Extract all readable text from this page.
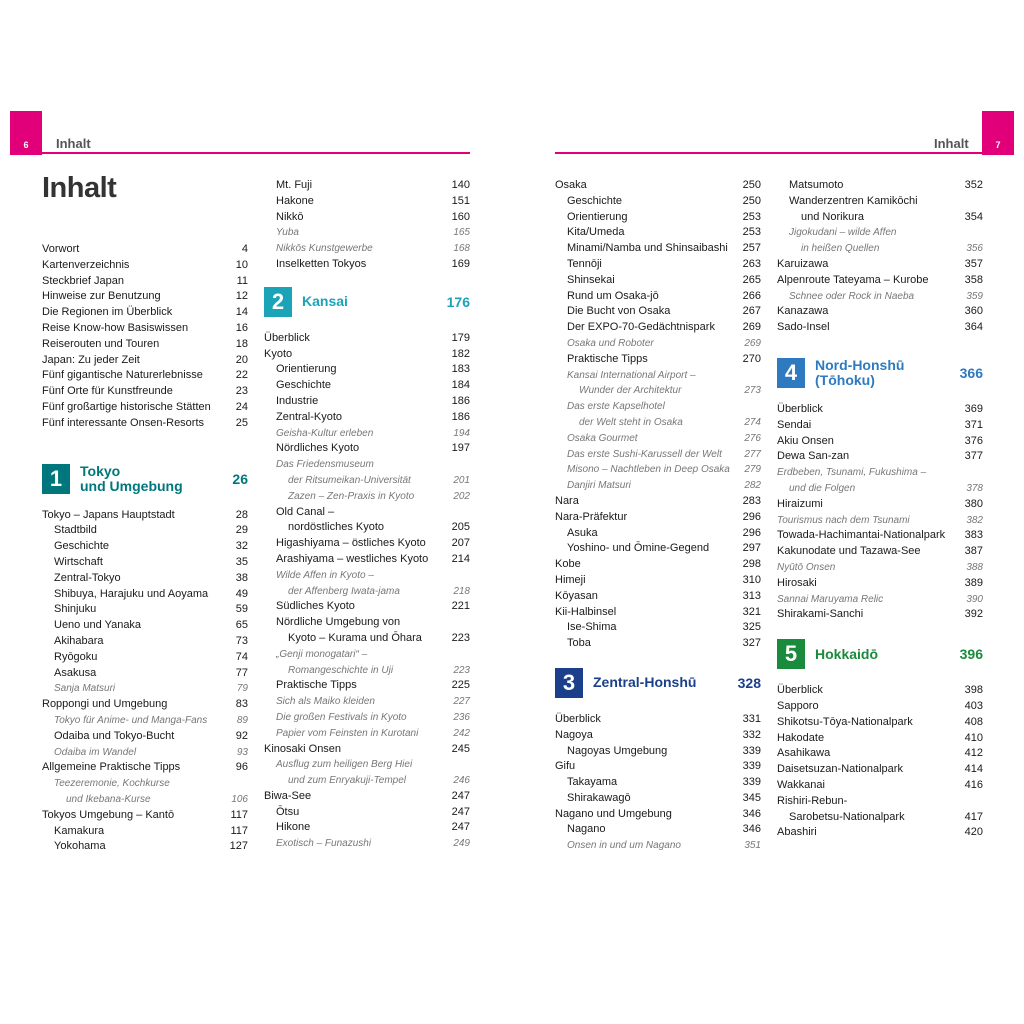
6	7
Inhalt	Inhalt
Inhalt
Vorwort	4
Kartenverzeichnis	10
Steckbrief Japan	11
Hinweise zur Benutzung	12
Die Regionen im Überblick	14
Reise Know-how Basiswissen	16
Reiserouten und Touren	18
Japan: Zu jeder Zeit	20
Fünf gigantische Naturerlebnisse	22
Fünf Orte für Kunstfreunde	23
Fünf großartige historische Stätten	24
Fünf interessante Onsen-Resorts	25
1	Tokyo
und Umgebung	26
Tokyo – Japans Hauptstadt	28
Stadtbild	29
Geschichte	32
Wirtschaft	35
Zentral-Tokyo	38
Shibuya, Harajuku und Aoyama	49
Shinjuku	59
Ueno und Yanaka	65
Akihabara	73
Ryōgoku	74
Asakusa	77
Sanja Matsuri	79
Roppongi und Umgebung	83
Tokyo für Anime- und Manga-Fans	89
Odaiba und Tokyo-Bucht	92
Odaiba im Wandel	93
Allgemeine Praktische Tipps	96
Teezeremonie, Kochkurse
und Ikebana-Kurse	106
Tokyos Umgebung – Kantō	117
Kamakura	117
Yokohama	127
Mt. Fuji	140
Hakone	151
Nikkō	160
Yuba	165
Nikkōs Kunstgewerbe	168
Inselketten Tokyos	169
2	Kansai	176
Überblick	179
Kyoto	182
Orientierung	183
Geschichte	184
Industrie	186
Zentral-Kyoto	186
Geisha-Kultur erleben	194
Nördliches Kyoto	197
Das Friedensmuseum
der Ritsumeikan-Universität	201
Zazen – Zen-Praxis in Kyoto	202
Old Canal –
nordöstliches Kyoto	205
Higashiyama – östliches Kyoto	207
Arashiyama – westliches Kyoto	214
Wilde Affen in Kyoto –
der Affenberg Iwata-jama	218
Südliches Kyoto	221
Nördliche Umgebung von
Kyoto – Kurama und Ōhara	223
„Genji monogatari“ –
Romangeschichte in Uji	223
Praktische Tipps	225
Sich als Maiko kleiden	227
Die großen Festivals in Kyoto	236
Papier vom Feinsten in Kurotani	242
Kinosaki Onsen	245
Ausflug zum heiligen Berg Hiei
und zum Enryakuji-Tempel	246
Biwa-See	247
Ōtsu	247
Hikone	247
Exotisch – Funazushi	249
Osaka	250
Geschichte	250
Orientierung	253
Kita/Umeda	253
Minami/Namba und Shinsaibashi	257
Tennōji	263
Shinsekai	265
Rund um Osaka-jō	266
Die Bucht von Osaka	267
Der EXPO-70-Gedächtnispark	269
Osaka und Roboter	269
Praktische Tipps	270
Kansai International Airport –
Wunder der Architektur	273
Das erste Kapselhotel
der Welt steht in Osaka	274
Osaka Gourmet	276
Das erste Sushi-Karussell der Welt	277
Misono – Nachtleben in Deep Osaka	279
Danjiri Matsuri	282
Nara	283
Nara-Präfektur	296
Asuka	296
Yoshino- und Ōmine-Gegend	297
Kobe	298
Himeji	310
Kōyasan	313
Kii-Halbinsel	321
Ise-Shima	325
Toba	327
3	Zentral-Honshū	328
Überblick	331
Nagoya	332
Nagoyas Umgebung	339
Gifu	339
Takayama	339
Shirakawagō	345
Nagano und Umgebung	346
Nagano	346
Onsen in und um Nagano	351
Matsumoto	352
Wanderzentren Kamikōchi
und Norikura	354
Jigokudani – wilde Affen
in heißen Quellen	356
Karuizawa	357
Alpenroute Tateyama – Kurobe	358
Schnee oder Rock in Naeba	359
Kanazawa	360
Sado-Insel	364
4	Nord-Honshū
(Tōhoku)	366
Überblick	369
Sendai	371
Akiu Onsen	376
Dewa San-zan	377
Erdbeben, Tsunami, Fukushima –
und die Folgen	378
Hiraizumi	380
Tourismus nach dem Tsunami	382
Towada-Hachimantai-Nationalpark	383
Kakunodate und Tazawa-See	387
Nyūtō Onsen	388
Hirosaki	389
Sannai Maruyama Relic	390
Shirakami-Sanchi	392
5	Hokkaidō	396
Überblick	398
Sapporo	403
Shikotsu-Tōya-Nationalpark	408
Hakodate	410
Asahikawa	412
Daisetsuzan-Nationalpark	414
Wakkanai	416
Rishiri-Rebun-
Sarobetsu-Nationalpark	417
Abashiri	420
